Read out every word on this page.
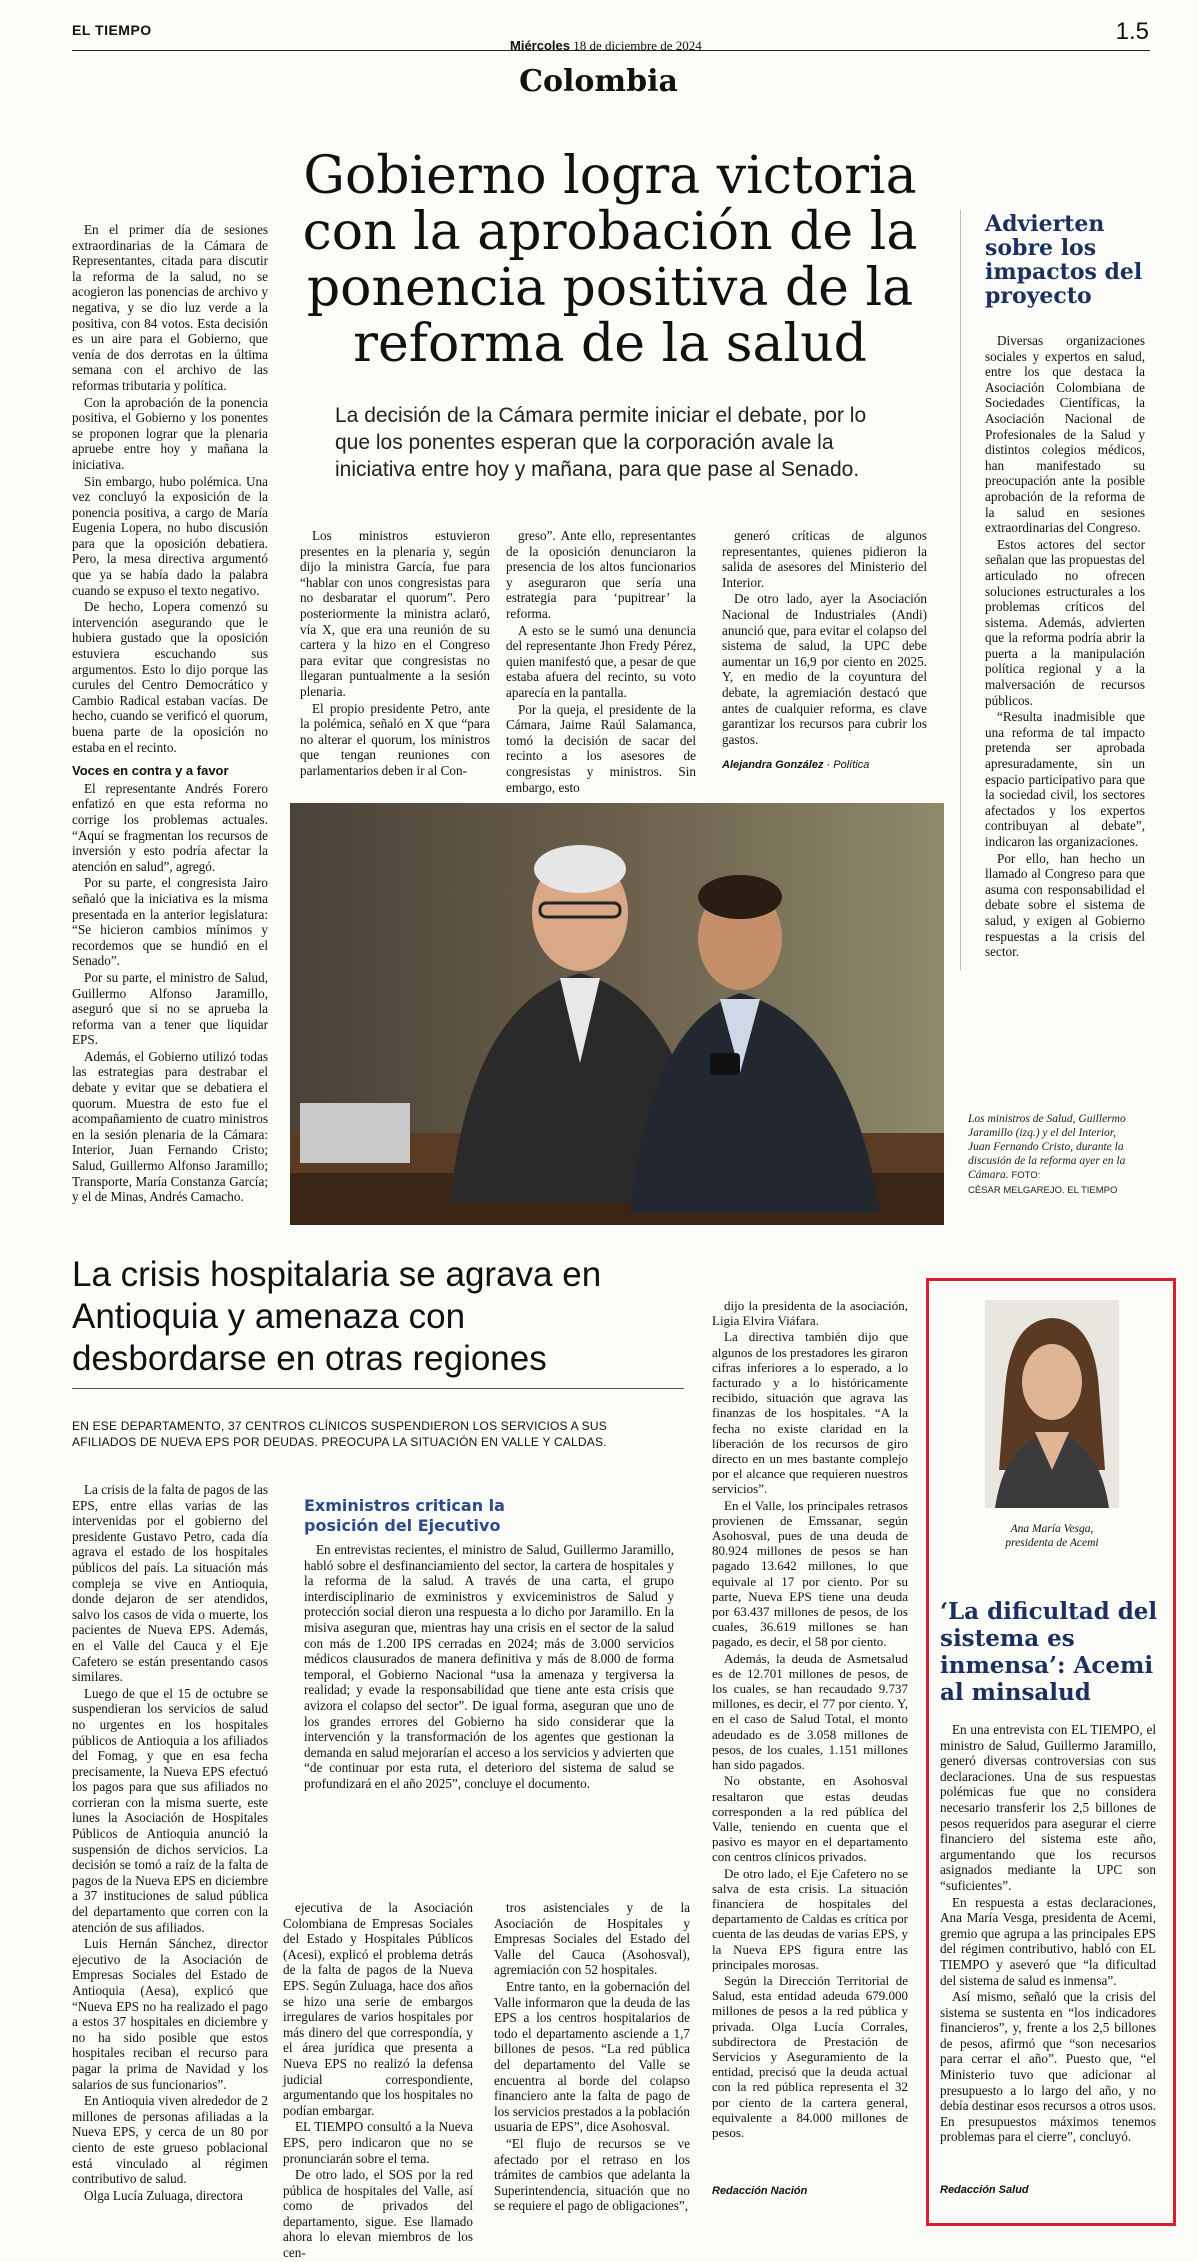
EL TIEMPO
Miércoles 18 de diciembre de 2024
1.5
Colombia
Gobierno logra victoria con la aprobación de la ponencia positiva de la reforma de la salud
La decisión de la Cámara permite iniciar el debate, por lo que los ponentes esperan que la corporación avale la iniciativa entre hoy y mañana, para que pase al Senado.

En el primer día de sesiones extraordinarias de la Cámara de Representantes, citada para discutir la reforma de la salud, no se acogieron las ponencias de archivo y negativa, y se dio luz verde a la positiva, con 84 votos. Esta decisión es un aire para el Gobierno, que venía de dos derrotas en la última semana con el archivo de las reformas tributaria y política.

Con la aprobación de la ponencia positiva, el Gobierno y los ponentes se proponen lograr que la plenaria apruebe entre hoy y mañana la iniciativa.

Sin embargo, hubo polémica. Una vez concluyó la exposición de la ponencia positiva, a cargo de María Eugenia Lopera, no hubo discusión para que la oposición debatiera. Pero, la mesa directiva argumentó que ya se había dado la palabra cuando se expuso el texto negativo.

De hecho, Lopera comenzó su intervención asegurando que le hubiera gustado que la oposición estuviera escuchando sus argumentos. Esto lo dijo porque las curules del Centro Democrático y Cambio Radical estaban vacías. De hecho, cuando se verificó el quorum, buena parte de la oposición no estaba en el recinto.

Voces en contra y a favor

El representante Andrés Forero enfatizó en que esta reforma no corrige los problemas actuales. “Aquí se fragmentan los recursos de inversión y esto podría afectar la atención en salud”, agregó.

Por su parte, el congresista Jairo señaló que la iniciativa es la misma presentada en la anterior legislatura: “Se hicieron cambios mínimos y recordemos que se hundió en el Senado”.

Por su parte, el ministro de Salud, Guillermo Alfonso Jaramillo, aseguró que si no se aprueba la reforma van a tener que liquidar EPS.

Además, el Gobierno utilizó todas las estrategias para destrabar el debate y evitar que se debatiera el quorum. Muestra de esto fue el acompañamiento de cuatro ministros en la sesión plenaria de la Cámara: Interior, Juan Fernando Cristo; Salud, Guillermo Alfonso Jaramillo; Transporte, María Constanza García; y el de Minas, Andrés Camacho.

Los ministros estuvieron presentes en la plenaria y, según dijo la ministra García, fue para “hablar con unos congresistas para no desbaratar el quorum”. Pero posteriormente la ministra aclaró, vía X, que era una reunión de su cartera y la hizo en el Congreso para evitar que congresistas no llegaran puntualmente a la sesión plenaria.

El propio presidente Petro, ante la polémica, señaló en X que “para no alterar el quorum, los ministros que tengan reuniones con parlamentarios deben ir al Con-

greso”. Ante ello, representantes de la oposición denunciaron la presencia de los altos funcionarios y aseguraron que sería una estrategia para ‘pupitrear’ la reforma.

A esto se le sumó una denuncia del representante Jhon Fredy Pérez, quien manifestó que, a pesar de que estaba afuera del recinto, su voto aparecía en la pantalla.

Por la queja, el presidente de la Cámara, Jaime Raúl Salamanca, tomó la decisión de sacar del recinto a los asesores de congresistas y ministros. Sin embargo, esto

generó críticas de algunos representantes, quienes pidieron la salida de asesores del Ministerio del Interior.

De otro lado, ayer la Asociación Nacional de Industriales (Andi) anunció que, para evitar el colapso del sistema de salud, la UPC debe aumentar un 16,9 por ciento en 2025. Y, en medio de la coyuntura del debate, la agremiación destacó que antes de cualquier reforma, es clave garantizar los recursos para cubrir los gastos.

Alejandra González · Política
Los ministros de Salud, Guillermo Jaramillo (izq.) y el del Interior, Juan Fernando Cristo, durante la discusión de la reforma ayer en la Cámara. FOTO:
CÉSAR MELGAREJO. EL TIEMPO
Advierten sobre los impactos del proyecto

Diversas organizaciones sociales y expertos en salud, entre los que destaca la Asociación Colombiana de Sociedades Científicas, la Asociación Nacional de Profesionales de la Salud y distintos colegios médicos, han manifestado su preocupación ante la posible aprobación de la reforma de la salud en sesiones extraordinarias del Congreso.

Estos actores del sector señalan que las propuestas del articulado no ofrecen soluciones estructurales a los problemas críticos del sistema. Además, advierten que la reforma podría abrir la puerta a la manipulación política regional y a la malversación de recursos públicos.

“Resulta inadmisible que una reforma de tal impacto pretenda ser aprobada apresuradamente, sin un espacio participativo para que la sociedad civil, los sectores afectados y los expertos contribuyan al debate”, indicaron las organizaciones.

Por ello, han hecho un llamado al Congreso para que asuma con responsabilidad el debate sobre el sistema de salud, y exigen al Gobierno respuestas a la crisis del sector.

La crisis hospitalaria se agrava en Antioquia y amenaza con desbordarse en otras regiones
EN ESE DEPARTAMENTO, 37 CENTROS CLÍNICOS SUSPENDIERON LOS SERVICIOS A SUS AFILIADOS DE NUEVA EPS POR DEUDAS. PREOCUPA LA SITUACIÓN EN VALLE Y CALDAS.

La crisis de la falta de pagos de las EPS, entre ellas varias de las intervenidas por el gobierno del presidente Gustavo Petro, cada día agrava el estado de los hospitales públicos del país. La situación más compleja se vive en Antioquia, donde dejaron de ser atendidos, salvo los casos de vida o muerte, los pacientes de Nueva EPS. Además, en el Valle del Cauca y el Eje Cafetero se están presentando casos similares.

Luego de que el 15 de octubre se suspendieran los servicios de salud no urgentes en los hospitales públicos de Antioquia a los afiliados del Fomag, y que en esa fecha precisamente, la Nueva EPS efectuó los pagos para que sus afiliados no corrieran con la misma suerte, este lunes la Asociación de Hospitales Públicos de Antioquia anunció la suspensión de dichos servicios. La decisión se tomó a raíz de la falta de pagos de la Nueva EPS en diciembre a 37 instituciones de salud pública del departamento que corren con la atención de sus afiliados.

Luis Hernán Sánchez, director ejecutivo de la Asociación de Empresas Sociales del Estado de Antioquia (Aesa), explicó que “Nueva EPS no ha realizado el pago a estos 37 hospitales en diciembre y no ha sido posible que estos hospitales reciban el recurso para pagar la prima de Navidad y los salarios de sus funcionarios”.

En Antioquia viven alrededor de 2 millones de personas afiliadas a la Nueva EPS, y cerca de un 80 por ciento de este grueso poblacional está vinculado al régimen contributivo de salud.

Olga Lucía Zuluaga, directora

Exministros critican la posición del Ejecutivo

En entrevistas recientes, el ministro de Salud, Guillermo Jaramillo, habló sobre el desfinanciamiento del sector, la cartera de hospitales y la reforma de la salud. A través de una carta, el grupo interdisciplinario de exministros y exviceministros de Salud y protección social dieron una respuesta a lo dicho por Jaramillo. En la misiva aseguran que, mientras hay una crisis en el sector de la salud con más de 1.200 IPS cerradas en 2024; más de 3.000 servicios médicos clausurados de manera definitiva y más de 8.000 de forma temporal, el Gobierno Nacional “usa la amenaza y tergiversa la realidad; y evade la responsabilidad que tiene ante esta crisis que avizora el colapso del sector”. De igual forma, aseguran que uno de los grandes errores del Gobierno ha sido considerar que la intervención y la transformación de los agentes que gestionan la demanda en salud mejorarían el acceso a los servicios y advierten que “de continuar por esta ruta, el deterioro del sistema de salud se profundizará en el año 2025”, concluye el documento.

ejecutiva de la Asociación Colombiana de Empresas Sociales del Estado y Hospitales Públicos (Acesi), explicó el problema detrás de la falta de pagos de la Nueva EPS. Según Zuluaga, hace dos años se hizo una serie de embargos irregulares de varios hospitales por más dinero del que correspondía, y el área jurídica que presenta a Nueva EPS no realizó la defensa judicial correspondiente, argumentando que los hospitales no podían embargar.

EL TIEMPO consultó a la Nueva EPS, pero indicaron que no se pronunciarán sobre el tema.

De otro lado, el SOS por la red pública de hospitales del Valle, así como de privados del departamento, sigue. Ese llamado ahora lo elevan miembros de los cen-

tros asistenciales y de la Asociación de Hospitales y Empresas Sociales del Estado del Valle del Cauca (Asohosval), agremiación con 52 hospitales.

Entre tanto, en la gobernación del Valle informaron que la deuda de las EPS a los centros hospitalarios de todo el departamento asciende a 1,7 billones de pesos. “La red pública del departamento del Valle se encuentra al borde del colapso financiero ante la falta de pago de los servicios prestados a la población usuaria de EPS”, dice Asohosval.

“El flujo de recursos se ve afectado por el retraso en los trámites de cambios que adelanta la Superintendencia, situación que no se requiere el pago de obligaciones”,

dijo la presidenta de la asociación, Ligia Elvira Viáfara.

La directiva también dijo que algunos de los prestadores les giraron cifras inferiores a lo esperado, a lo facturado y a lo históricamente recibido, situación que agrava las finanzas de los hospitales. “A la fecha no existe claridad en la liberación de los recursos de giro directo en un mes bastante complejo por el alcance que requieren nuestros servicios”.

En el Valle, los principales retrasos provienen de Emssanar, según Asohosval, pues de una deuda de 80.924 millones de pesos se han pagado 13.642 millones, lo que equivale al 17 por ciento. Por su parte, Nueva EPS tiene una deuda por 63.437 millones de pesos, de los cuales, 36.619 millones se han pagado, es decir, el 58 por ciento.

Además, la deuda de Asmetsalud es de 12.701 millones de pesos, de los cuales, se han recaudado 9.737 millones, es decir, el 77 por ciento. Y, en el caso de Salud Total, el monto adeudado es de 3.058 millones de pesos, de los cuales, 1.151 millones han sido pagados.

No obstante, en Asohosval resaltaron que estas deudas corresponden a la red pública del Valle, teniendo en cuenta que el pasivo es mayor en el departamento con centros clínicos privados.

De otro lado, el Eje Cafetero no se salva de esta crisis. La situación financiera de hospitales del departamento de Caldas es crítica por cuenta de las deudas de varias EPS, y la Nueva EPS figura entre las principales morosas.

Según la Dirección Territorial de Salud, esta entidad adeuda 679.000 millones de pesos a la red pública y privada. Olga Lucía Corrales, subdirectora de Prestación de Servicios y Aseguramiento de la entidad, precisó que la deuda actual con la red pública representa el 32 por ciento de la cartera general, equivalente a 84.000 millones de pesos.

Redacción Nación
Ana María Vesga, presidenta de Acemi
‘La dificultad del sistema es inmensa’: Acemi al minsalud

En una entrevista con EL TIEMPO, el ministro de Salud, Guillermo Jaramillo, generó diversas controversias con sus declaraciones. Una de sus respuestas polémicas fue que no considera necesario transferir los 2,5 billones de pesos requeridos para asegurar el cierre financiero del sistema este año, argumentando que los recursos asignados mediante la UPC son “suficientes”.

En respuesta a estas declaraciones, Ana María Vesga, presidenta de Acemi, gremio que agrupa a las principales EPS del régimen contributivo, habló con EL TIEMPO y aseveró que “la dificultad del sistema de salud es inmensa”.

Así mismo, señaló que la crisis del sistema se sustenta en “los indicadores financieros”, y, frente a los 2,5 billones de pesos, afirmó que “son necesarios para cerrar el año”. Puesto que, “el Ministerio tuvo que adicionar al presupuesto a lo largo del año, y no debía destinar esos recursos a otros usos. En presupuestos máximos tenemos problemas para el cierre”, concluyó.

Redacción Salud
